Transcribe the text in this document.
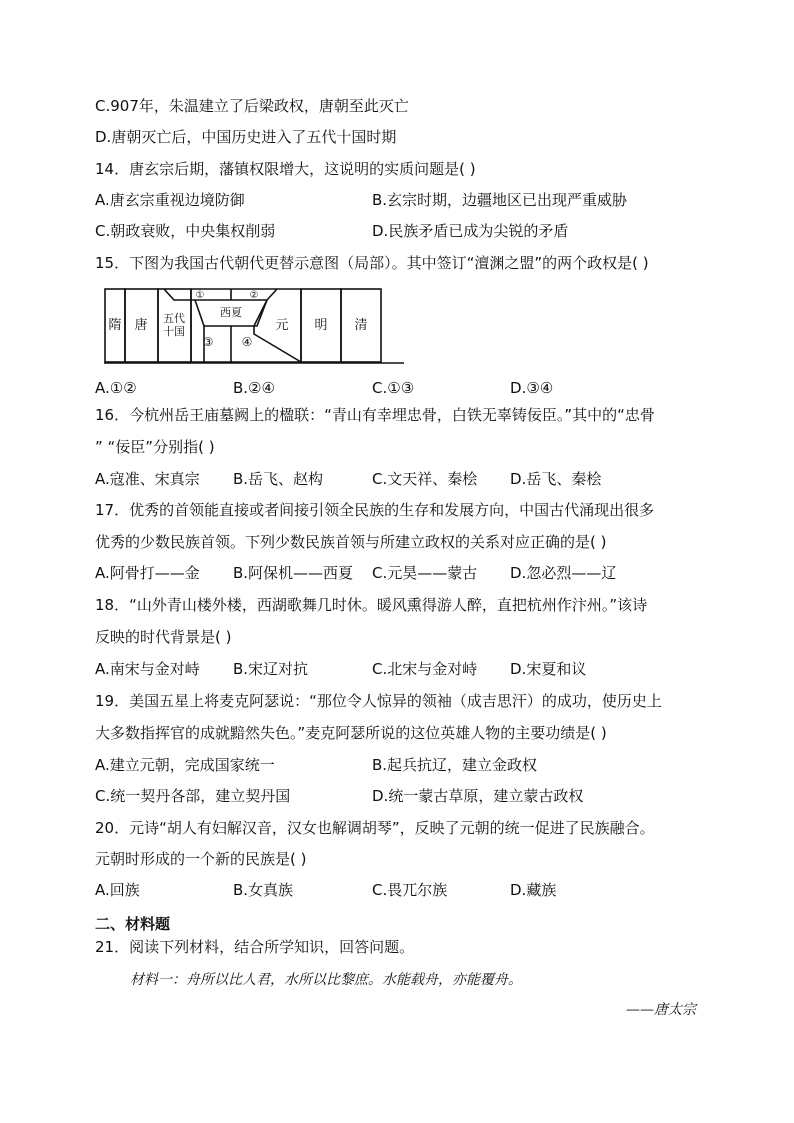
C.907年，朱温建立了后梁政权，唐朝至此灭亡
D.唐朝灭亡后，中国历史进入了五代十国时期
14．唐玄宗后期，藩镇权限增大，这说明的实质问题是( )
A.唐玄宗重视边境防御	B.玄宗时期，边疆地区已出现严重威胁
C.朝政衰败，中央集权削弱	D.民族矛盾已成为尖锐的矛盾
15．下图为我国古代朝代更替示意图（局部）。其中签订“澶渊之盟”的两个政权是( )
隋 唐 五代
十国
①	②
西夏
③ ④
元 明 清
A.①②	B.②④	C.①③	D.③④
16．今杭州岳王庙墓阙上的楹联：“青山有幸埋忠骨，白铁无辜铸佞臣。”其中的“忠骨
” “佞臣”分别指( )
A.寇准、宋真宗 B.岳飞、赵构	C.文天祥、秦桧 D.岳飞、秦桧
17．优秀的首领能直接或者间接引领全民族的生存和发展方向，中国古代涌现出很多
优秀的少数民族首领。下列少数民族首领与所建立政权的关系对应正确的是( )
A.阿骨打——金 B.阿保机——西夏 C.元昊——蒙古 D.忽必烈——辽
18．“山外青山楼外楼，西湖歌舞几时休。暖风熏得游人醉，直把杭州作汴州。”该诗
反映的时代背景是( )
A.南宋与金对峙 B.宋辽对抗	C.北宋与金对峙 D.宋夏和议
19．美国五星上将麦克阿瑟说：“那位令人惊异的领袖（成吉思汗）的成功，使历史上
大多数指挥官的成就黯然失色。”麦克阿瑟所说的这位英雄人物的主要功绩是( )
A.建立元朝，完成国家统一	B.起兵抗辽，建立金政权
C.统一契丹各部，建立契丹国	D.统一蒙古草原，建立蒙古政权
20．元诗“胡人有妇解汉音，汉女也解调胡琴”，反映了元朝的统一促进了民族融合。
元朝时形成的一个新的民族是( )
A.回族	B.女真族	C.畏兀尔族	D.藏族
二、材料题
21．阅读下列材料，结合所学知识，回答问题。
材料一：舟所以比人君，水所以比黎庶。水能载舟，亦能覆舟。
——唐太宗
